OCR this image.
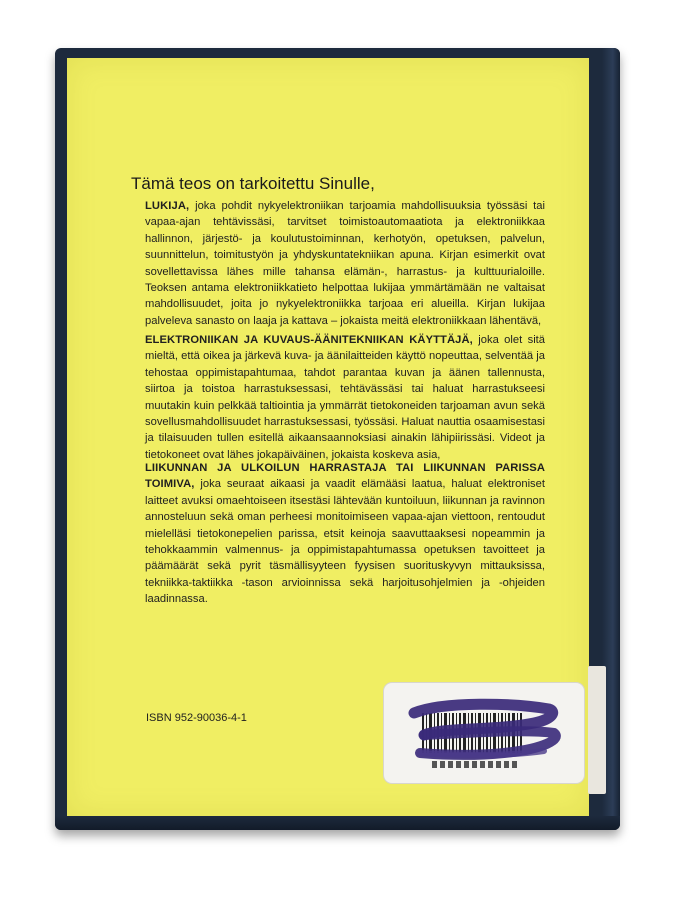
Tämä teos on tarkoitettu Sinulle,
LUKIJA, joka pohdit nykyelektroniikan tarjoamia mahdollisuuksia työssäsi tai vapaa-ajan tehtävissäsi, tarvitset toimistoautomaatiota ja elektroniikkaa hallinnon, järjestö- ja koulutustoiminnan, kerhotyön, opetuksen, palvelun, suunnittelun, toimitustyön ja yhdyskuntatekniikan apuna. Kirjan esimerkit ovat sovellettavissa lähes mille tahansa elämän-, harrastus- ja kulttuurialoille. Teoksen antama elektroniikkatieto helpottaa lukijaa ymmärtämään ne valtaisat mahdollisuudet, joita jo nykyelektroniikka tarjoaa eri alueilla. Kirjan lukijaa palveleva sanasto on laaja ja kattava – jokaista meitä elektroniikkaan lähentävä,
ELEKTRONIIKAN JA KUVAUS-ÄÄNITEKNIIKAN KÄYTTÄJÄ, joka olet sitä mieltä, että oikea ja järkevä kuva- ja äänilaitteiden käyttö nopeuttaa, selventää ja tehostaa oppimistapahtumaa, tahdot parantaa kuvan ja äänen tallennusta, siirtoa ja toistoa harrastuksessasi, tehtävässäsi tai haluat harrastukseesi muutakin kuin pelkkää taltiointia ja ymmärrät tietokoneiden tarjoaman avun sekä sovellusmahdollisuudet harrastuksessasi, työssäsi. Haluat nauttia osaamisestasi ja tilaisuuden tullen esitellä aikaansaannoksiasi ainakin lähipiirissäsi. Videot ja tietokoneet ovat lähes jokapäiväinen, jokaista koskeva asia,
LIIKUNNAN JA ULKOILUN HARRASTAJA TAI LIIKUNNAN PARISSA TOIMIVA, joka seuraat aikaasi ja vaadit elämääsi laatua, haluat elektroniset laitteet avuksi omaehtoiseen itsestäsi lähtevään kuntoiluun, liikunnan ja ravinnon annosteluun sekä oman perheesi monitoimiseen vapaa-ajan viettoon, rentoudut mielelläsi tietokonepelien parissa, etsit keinoja saavuttaaksesi nopeammin ja tehokkaammin valmennus- ja oppimistapahtumassa opetuksen tavoitteet ja päämäärät sekä pyrit täsmällisyyteen fyysisen suorituskyvyn mittauksissa, tekniikka-taktiikka -tason arvioinnissa sekä harjoitusohjelmien ja -ohjeiden laadinnassa.
ISBN 952-90036-4-1
